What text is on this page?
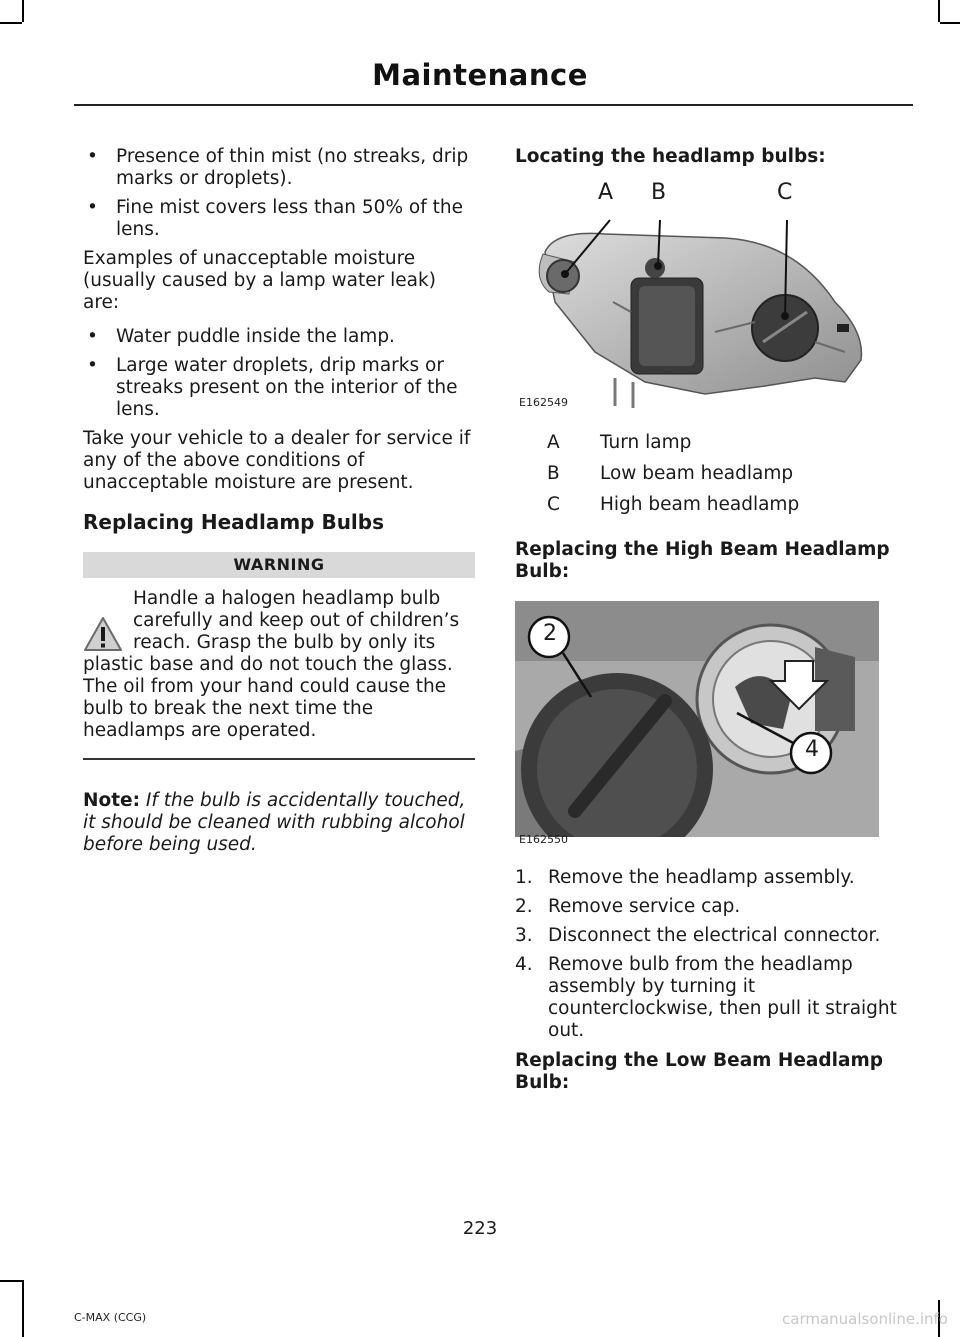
Maintenance
• Presence of thin mist (no streaks, drip marks or droplets).
• Fine mist covers less than 50% of the lens.

Examples of unacceptable moisture (usually caused by a lamp water leak) are:

• Water puddle inside the lamp.
• Large water droplets, drip marks or streaks present on the interior of the lens.

Take your vehicle to a dealer for service if any of the above conditions of unacceptable moisture are present.

Replacing Headlamp Bulbs
WARNING
Handle a halogen headlamp bulb carefully and keep out of children’s reach. Grasp the bulb by only its plastic base and do not touch the glass. The oil from your hand could cause the bulb to break the next time the headlamps are operated.

Note: If the bulb is accidentally touched, it should be cleaned with rubbing alcohol before being used.

Locating the headlamp bulbs:
A B	C
E162549
A	Turn lamp
B	Low beam headlamp
C	High beam headlamp
Replacing the High Beam Headlamp Bulb:
2
4
E162550
1. Remove the headlamp assembly.
2. Remove service cap.
3. Disconnect the electrical connector.
4. Remove bulb from the headlamp assembly by turning it counterclockwise, then pull it straight out.
Replacing the Low Beam Headlamp Bulb:
223
C-MAX (CCG)	carmanualsonline.info
